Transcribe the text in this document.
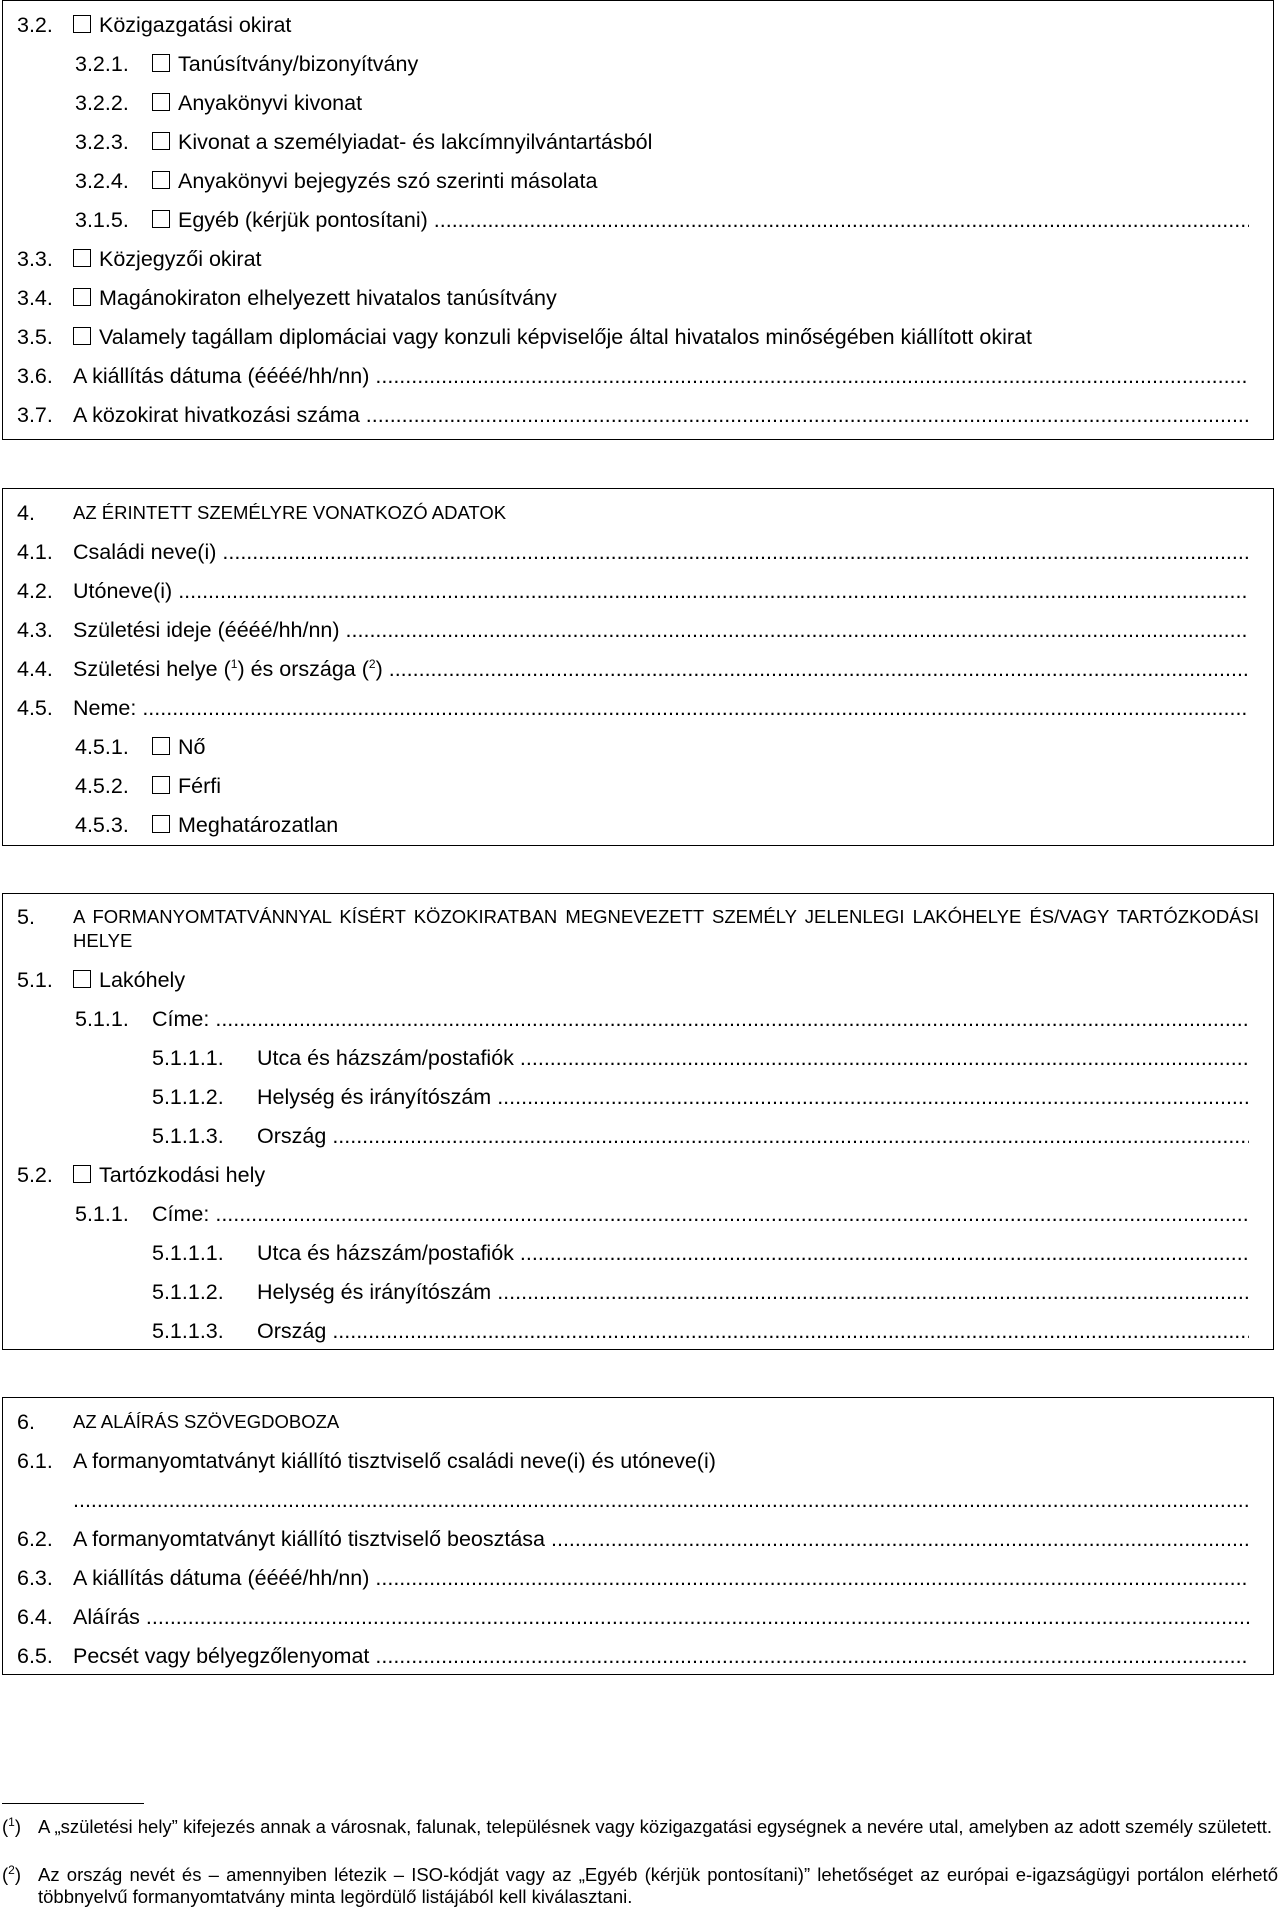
3.2. Közigazgatási okirat
3.2.1. Tanúsítvány/bizonyítvány
3.2.2. Anyakönyvi kivonat
3.2.3. Kivonat a személyiadat- és lakcímnyilvántartásból
3.2.4. Anyakönyvi bejegyzés szó szerinti másolata
3.1.5. Egyéb (kérjük pontosítani)
.....
3.3. Közjegyzői okirat
3.4. Magánokiraton elhelyezett hivatalos tanúsítvány
3.5. Valamely tagállam diplomáciai vagy konzuli képviselője által hivatalos minőségében kiállított okirat
3.6. A kiállítás dátuma (éééé/hh/nn)
.....
3.7. A közokirat hivatkozási száma
.....
4. AZ ÉRINTETT SZEMÉLYRE VONATKOZÓ ADATOK
4.1. Családi neve(i)
.....
4.2. Utóneve(i)
.....
4.3. Születési ideje (éééé/hh/nn)
.....
4.4. Születési helye ($^1$) és országa ($^2$)
.....
4.5. Neme:
.....
4.5.1. Nő
4.5.2. Férfi
4.5.3. Meghatározatlan
5. A FORMANYOMTATVÁNNYAL KÍSÉRT KÖZOKIRATBAN MEGNEVEZETT SZEMÉLY JELENLEGI LAKÓHELYE ÉS/VAGY TARTÓZKODÁSI HELYE
5.1. Lakóhely
5.1.1. Címe:
.....
5.1.1.1. Utca és házszám/postafiók
.....
5.1.1.2. Helység és irányítószám
.....
5.1.1.3. Ország
.....
5.2. Tartózkodási hely
5.1.1. Címe:
.....
5.1.1.1. Utca és házszám/postafiók
.....
5.1.1.2. Helység és irányítószám
.....
5.1.1.3. Ország
.....
6. AZ ALÁÍRÁS SZÖVEGDOBOZA
6.1. A formanyomtatványt kiállító tisztviselő családi neve(i) és utóneve(i)
.....
6.2. A formanyomtatványt kiállító tisztviselő beosztása
.....
6.3. A kiállítás dátuma (éééé/hh/nn)
.....
6.4. Aláírás
.....
6.5. Pecsét vagy bélyegzőlenyomat
.....
($^1$) A „születési hely” kifejezés annak a városnak, falunak, településnek vagy közigazgatási egységnek a nevére utal, amelyben az adott személy született.
($^2$) Az ország nevét és – amennyiben létezik – ISO-kódját vagy az „Egyéb (kérjük pontosítani)” lehetőséget az európai e-igazságügyi portálon elérhető többnyelvű formanyomtatvány minta legördülő listájából kell kiválasztani.
